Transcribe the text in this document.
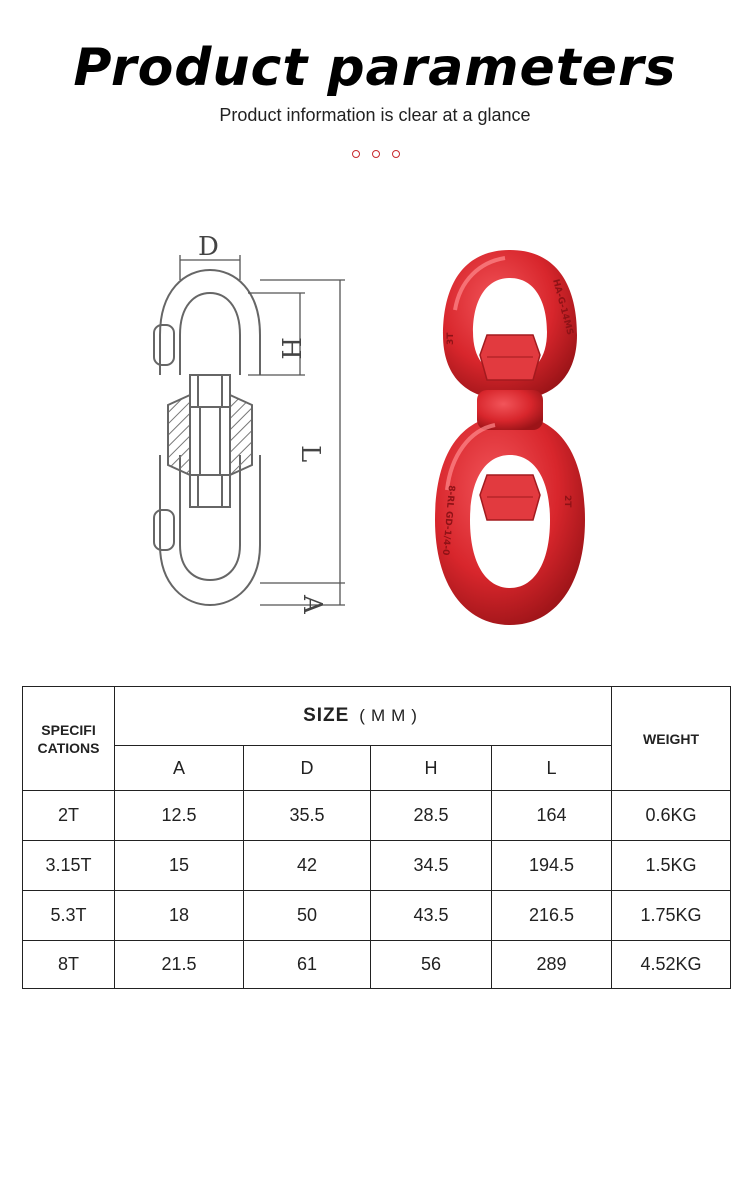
Product parameters
Product information is clear at a glance
D
H
L
A
HA-G-14MS
3T
2T
8-RL GD-1/4-0
SPECIFI
CATIONS	SIZE (MM)				WEIGHT
	A	D	H	L	
2T	12.5	35.5	28.5	164	0.6KG
3.15T	15	42	34.5	194.5	1.5KG
5.3T	18	50	43.5	216.5	1.75KG
8T	21.5	61	56	289	4.52KG
